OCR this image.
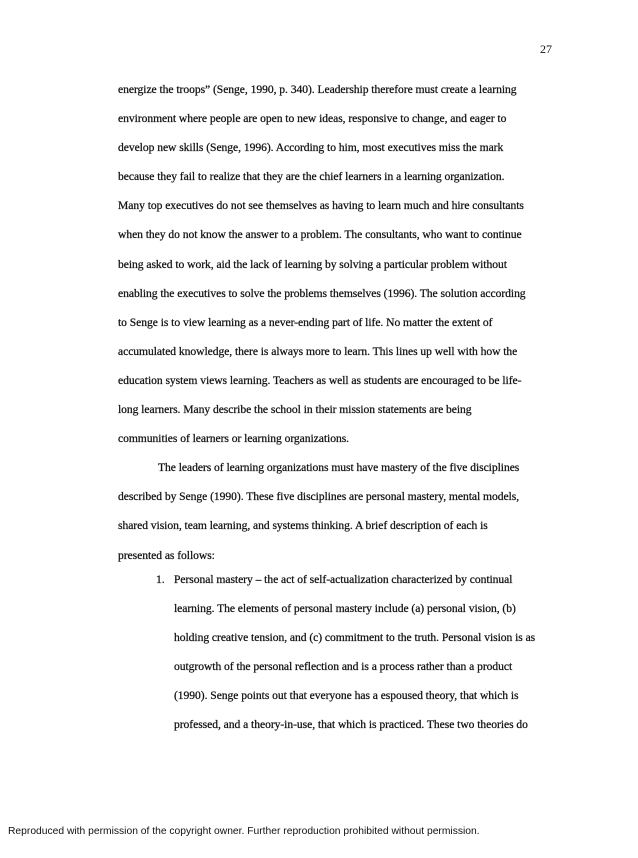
27
energize the troops” (Senge, 1990, p. 340). Leadership therefore must create a learning
environment where people are open to new ideas, responsive to change, and eager to
develop new skills (Senge, 1996). According to him, most executives miss the mark
because they fail to realize that they are the chief learners in a learning organization.
Many top executives do not see themselves as having to learn much and hire consultants
when they do not know the answer to a problem. The consultants, who want to continue
being asked to work, aid the lack of learning by solving a particular problem without
enabling the executives to solve the problems themselves (1996). The solution according
to Senge is to view learning as a never-ending part of life. No matter the extent of
accumulated knowledge, there is always more to learn. This lines up well with how the
education system views learning. Teachers as well as students are encouraged to be life-
long learners. Many describe the school in their mission statements are being
communities of learners or learning organizations.
The leaders of learning organizations must have mastery of the five disciplines
described by Senge (1990). These five disciplines are personal mastery, mental models,
shared vision, team learning, and systems thinking. A brief description of each is
presented as follows:
1. Personal mastery – the act of self-actualization characterized by continual
learning. The elements of personal mastery include (a) personal vision, (b)
holding creative tension, and (c) commitment to the truth. Personal vision is as
outgrowth of the personal reflection and is a process rather than a product
(1990). Senge points out that everyone has a espoused theory, that which is
professed, and a theory-in-use, that which is practiced. These two theories do
Reproduced with permission of the copyright owner. Further reproduction prohibited without permission.
